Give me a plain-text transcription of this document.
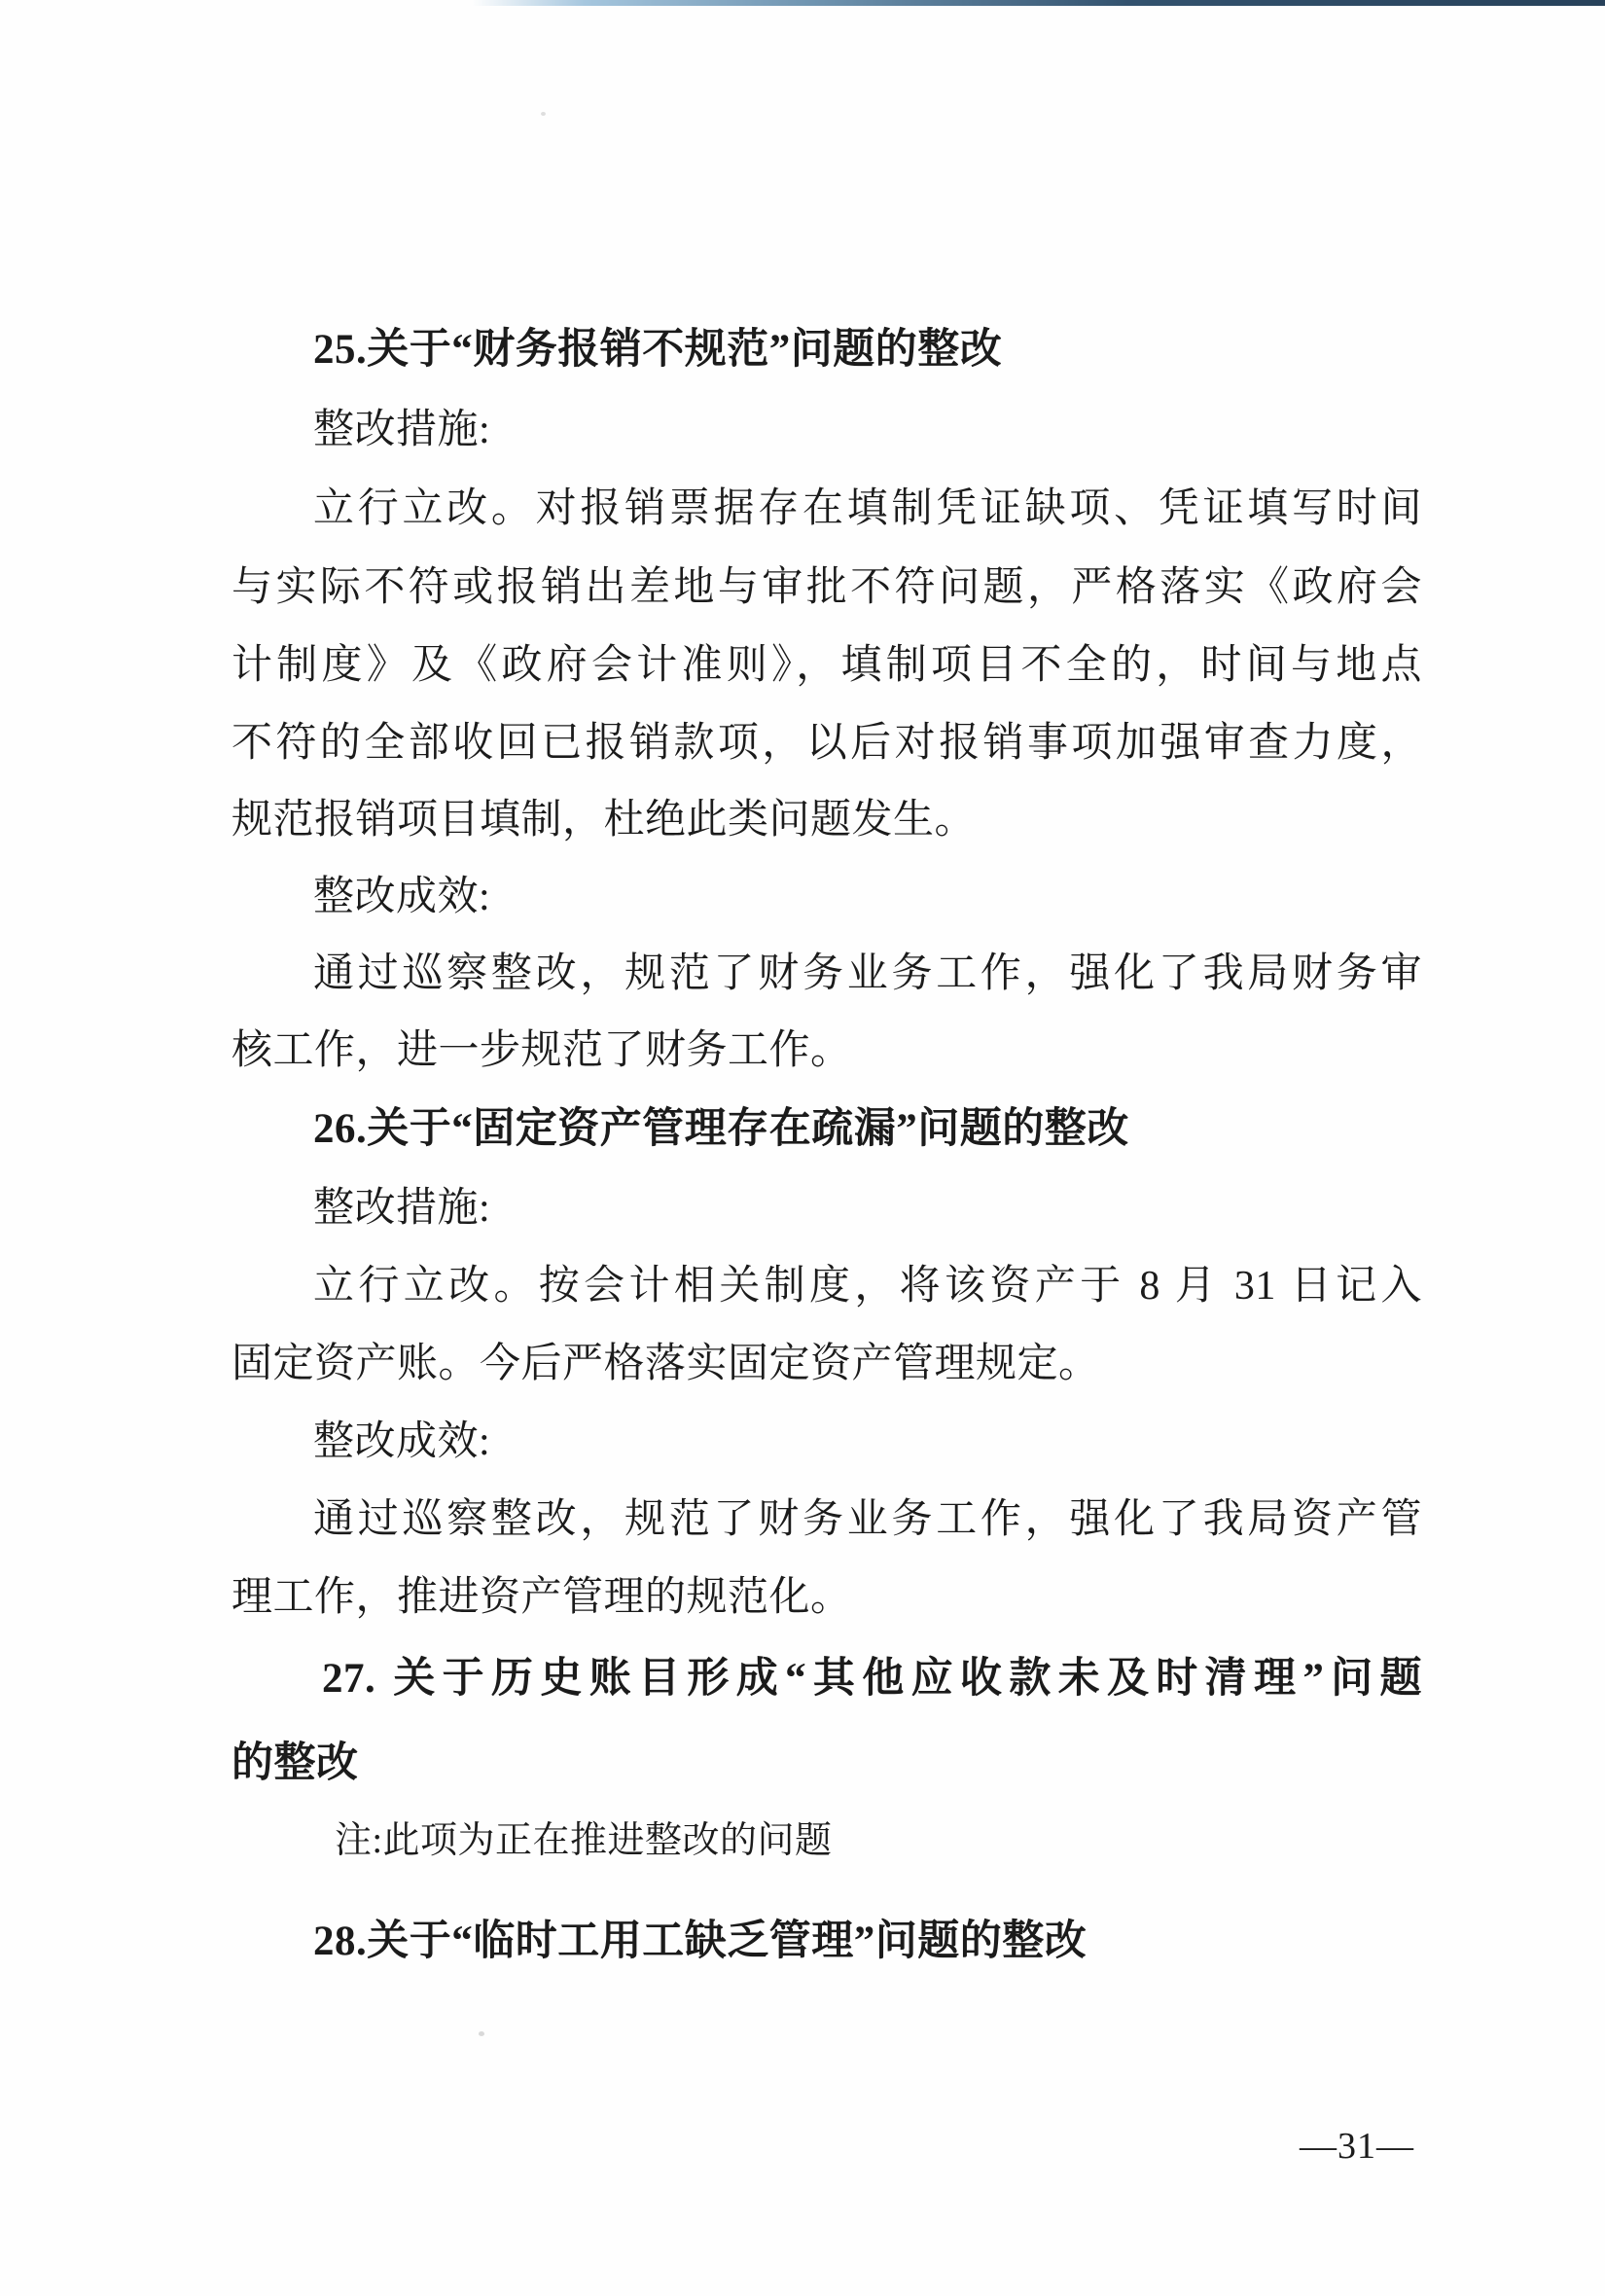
25.关于“财务报销不规范”问题的整改

整改措施:

立行立改。对报销票据存在填制凭证缺项、凭证填写时间

与实际不符或报销出差地与审批不符问题，严格落实《政府会

计制度》及《政府会计准则》，填制项目不全的，时间与地点

不符的全部收回已报销款项，以后对报销事项加强审查力度，

规范报销项目填制，杜绝此类问题发生。

整改成效:

通过巡察整改，规范了财务业务工作，强化了我局财务审

核工作，进一步规范了财务工作。

26.关于“固定资产管理存在疏漏”问题的整改

整改措施:

立行立改。按会计相关制度，将该资产于 8 月 31 日记入

固定资产账。今后严格落实固定资产管理规定。

整改成效:

通过巡察整改，规范了财务业务工作，强化了我局资产管

理工作，推进资产管理的规范化。

27. 关于历史账目形成“其他应收款未及时清理”问题

的整改

注:此项为正在推进整改的问题

28.关于“临时工用工缺乏管理”问题的整改

—31—
